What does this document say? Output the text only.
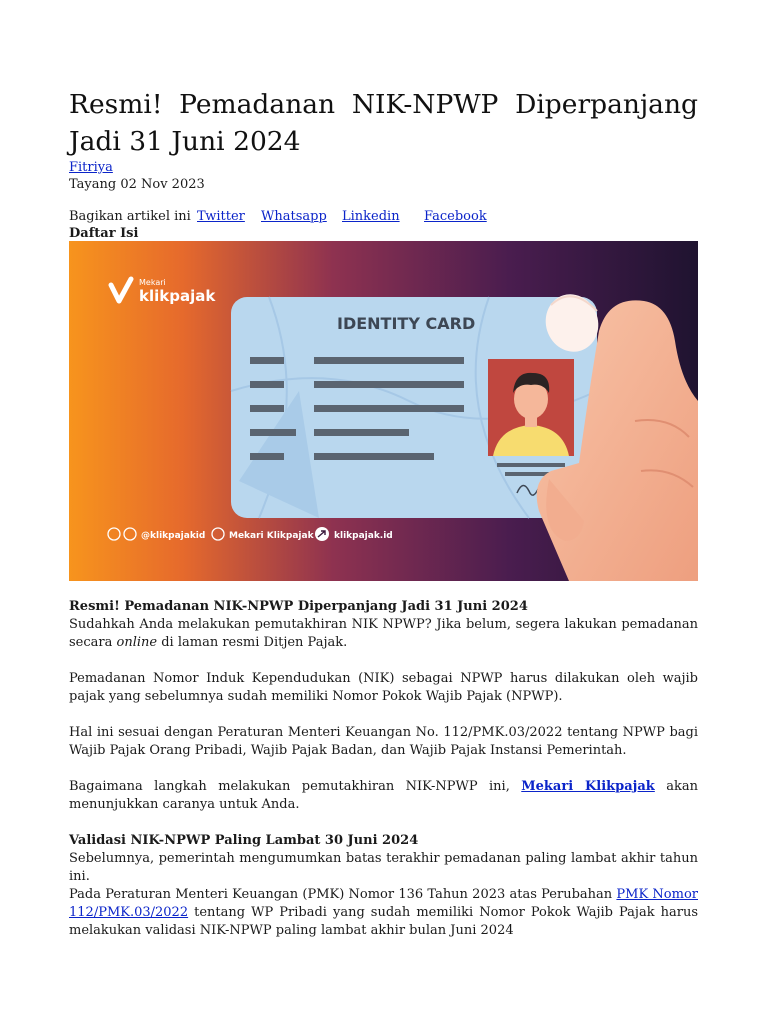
Resmi! Pemadanan NIK-NPWP Diperpanjang Jadi 31 Juni 2024
Fitriya
Tayang 02 Nov 2023
Bagikan artikel ini Twitter Whatsapp Linkedin Facebook
Daftar Isi
Mekari
klikpajak
IDENTITY CARD
@klikpajakid	Mekari Klikpajak klikpajak.id

Resmi! Pemadanan NIK-NPWP Diperpanjang Jadi 31 Juni 2024

Sudahkah Anda melakukan pemutakhiran NIK NPWP? Jika belum, segera lakukan pemadanan secara online di laman resmi Ditjen Pajak.

Pemadanan Nomor Induk Kependudukan (NIK) sebagai NPWP harus dilakukan oleh wajib pajak yang sebelumnya sudah memiliki Nomor Pokok Wajib Pajak (NPWP).

Hal ini sesuai dengan Peraturan Menteri Keuangan No. 112/PMK.03/2022 tentang NPWP bagi Wajib Pajak Orang Pribadi, Wajib Pajak Badan, dan Wajib Pajak Instansi Pemerintah.

Bagaimana langkah melakukan pemutakhiran NIK-NPWP ini, Mekari Klikpajak akan menunjukkan caranya untuk Anda.

Validasi NIK-NPWP Paling Lambat 30 Juni 2024

Sebelumnya, pemerintah mengumumkan batas terakhir pemadanan paling lambat akhir tahun ini.

Pada Peraturan Menteri Keuangan (PMK) Nomor 136 Tahun 2023 atas Perubahan PMK Nomor 112/PMK.03/2022 tentang WP Pribadi yang sudah memiliki Nomor Pokok Wajib Pajak harus melakukan validasi NIK-NPWP paling lambat akhir bulan Juni 2024
